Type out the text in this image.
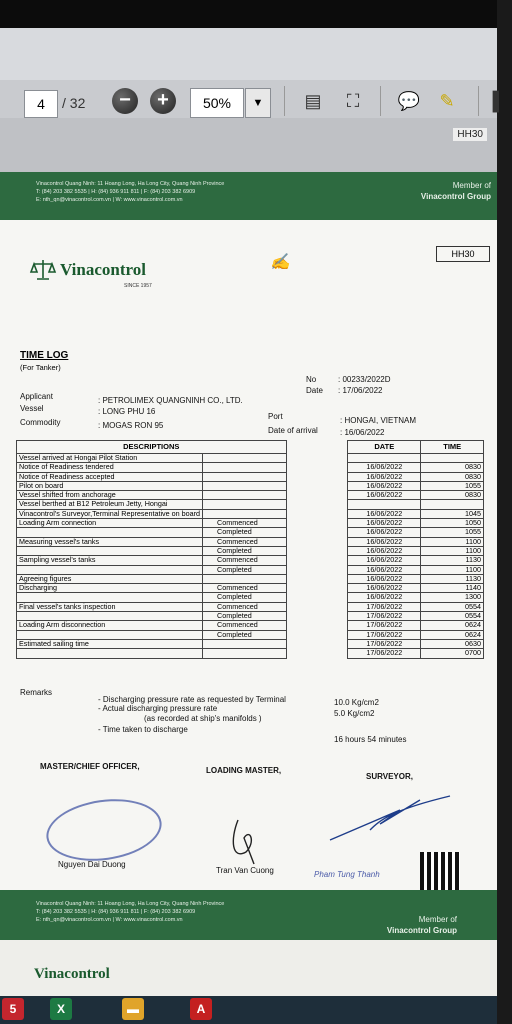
4	/ 32	−	+	50%	▼	▤	⛶	💬	✎	▌
HH30
Vinacontrol Quang Ninh: 11 Hoang Long, Ha Long City, Quang Ninh Province
T: (84) 203 382 5535 | H: (84) 936 911 811 | F: (84) 203 382 6909
E: nth_qn@vinacontrol.com.vn | W: www.vinacontrol.com.vn
Member of
Vinacontrol Group
Vinacontrol
SINCE 1957
✍	HH30
TIME LOG
(For Tanker)
No	: 00233/2022D
Date : 17/06/2022
Applicant	: PETROLIMEX QUANGNINH CO., LTD.
Vessel	: LONG PHU 16
Port	: HONGAI, VIETNAM
Commodity	: MOGAS RON 95
Date of arrival	: 16/06/2022
DESCRIPTIONS			DATE	TIME
Vessel arrived at Hongai Pilot Station				
Notice of Readiness tendered			16/06/2022	0830
Notice of Readiness accepted			16/06/2022	0830
Pilot on board			16/06/2022	1055
Vessel shifted from anchorage			16/06/2022	0830
Vessel berthed at B12 Petroleum Jetty, Hongai				
Vinacontrol's Surveyor,Terminal Representative on board			16/06/2022	1045
Loading Arm connection	Commenced		16/06/2022	1050
	Completed		16/06/2022	1055
Measuring vessel's tanks	Commenced		16/06/2022	1100
	Completed		16/06/2022	1100
Sampling vessel's tanks	Commenced		16/06/2022	1130
	Completed		16/06/2022	1100
Agreeing figures			16/06/2022	1130
Discharging	Commenced		16/06/2022	1140
	Completed		16/06/2022	1300
Final vessel's tanks inspection	Commenced		17/06/2022	0554
	Completed		17/06/2022	0554
Loading Arm disconnection	Commenced		17/06/2022	0624
	Completed		17/06/2022	0624
Estimated sailing time			17/06/2022	0630
			17/06/2022	0700
Remarks
- Discharging pressure rate as requested by Terminal	10.0 Kg/cm2
- Actual discharging pressure rate
5.0 Kg/cm2
(as recorded at ship's manifolds )
- Time taken to discharge
16 hours 54 minutes
MASTER/CHIEF OFFICER,	LOADING MASTER,
SURVEYOR,
Nguyen Dai Duong
Tran Van Cuong	Pham Tung Thanh
Vinacontrol Quang Ninh: 11 Hoang Long, Ha Long City, Quang Ninh Province
T: (84) 203 382 5535 | H: (84) 936 911 811 | F: (84) 203 382 6909
E: nth_qn@vinacontrol.com.vn | W: www.vinacontrol.com.vn	Member of
Vinacontrol Group
Vinacontrol
5	X	▬	A
